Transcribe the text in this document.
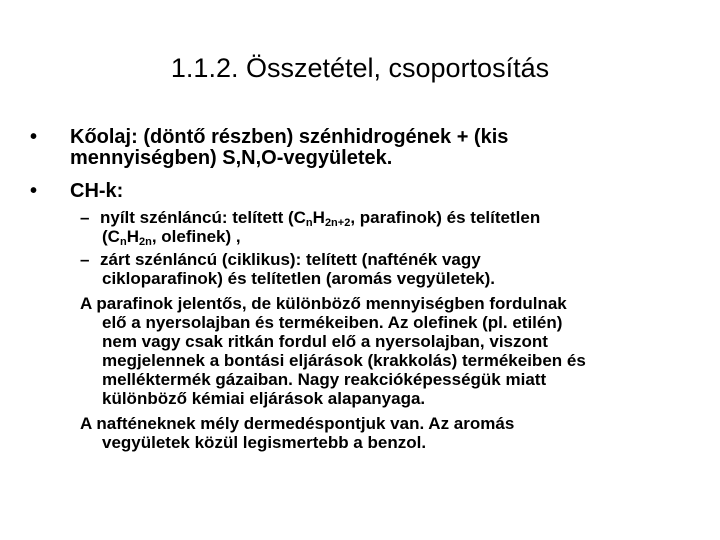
1.1.2. Összetétel, csoportosítás
• Kőolaj: (döntő részben) szénhidrogének + (kis
mennyiségben) S,N,O-vegyületek.
• CH-k:
– nyílt szénláncú: telített ($C_nH_{2n+2}$, parafinok) és telítetlen
($C_nH_{2n}$, olefinek) ,
– zárt szénláncú (ciklikus): telített (nafténék vagy
cikloparafinok) és telítetlen (aromás vegyületek).
A parafinok jelentős, de különböző mennyiségben fordulnak
elő a nyersolajban és termékeiben. Az olefinek (pl. etilén)
nem vagy csak ritkán fordul elő a nyersolajban, viszont
megjelennek a bontási eljárások (krakkolás) termékeiben és
melléktermék gázaiban. Nagy reakcióképességük miatt
különböző kémiai eljárások alapanyaga.
A nafténeknek mély dermedéspontjuk van. Az aromás
vegyületek közül legismertebb a benzol.
